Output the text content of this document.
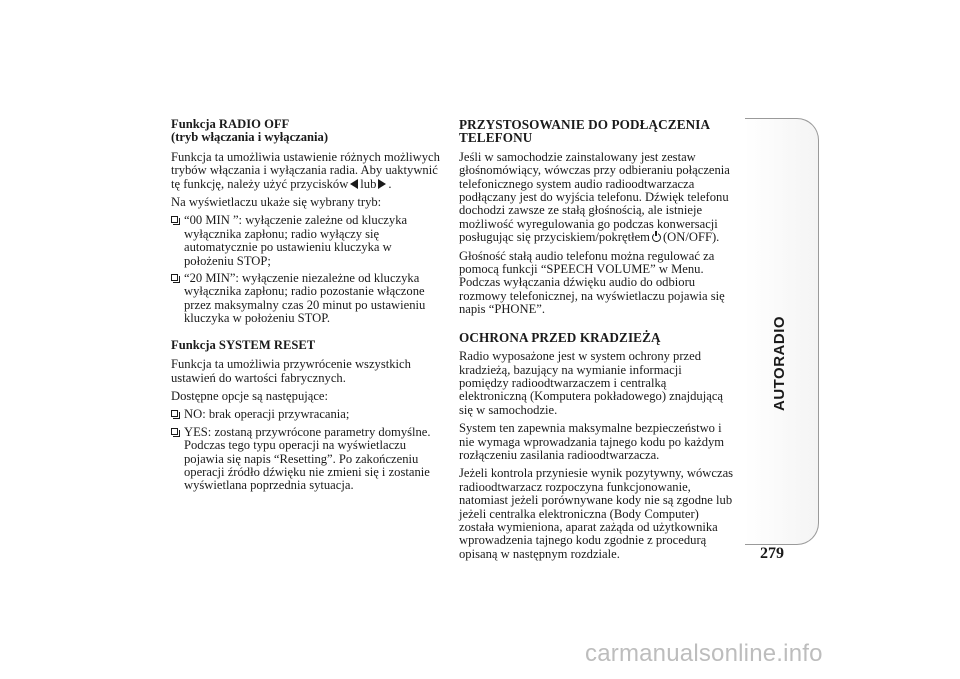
Funkcja RADIO OFF

(tryb włączania i wyłączania)

Funkcja ta umożliwia ustawienie różnych możliwych trybów włączania i wyłączania radia. Aby uaktywnić tę funkcję, należy użyć przycisków lub .

Na wyświetlaczu ukaże się wybrany tryb:

“00 MIN ”: wyłączenie zależne od kluczyka wyłącznika zapłonu; radio wyłączy się automatycznie po ustawieniu kluczyka w położeniu STOP;
“20 MIN”: wyłączenie niezależne od kluczyka wyłącznika zapłonu; radio pozostanie włączone przez maksymalny czas 20 minut po ustawieniu kluczyka w położeniu STOP.

Funkcja SYSTEM RESET

Funkcja ta umożliwia przywrócenie wszystkich ustawień do wartości fabrycznych.

Dostępne opcje są następujące:

NO: brak operacji przywracania;
YES: zostaną przywrócone parametry domyślne. Podczas tego typu operacji na wyświetlaczu pojawia się napis “Resetting”. Po zakończeniu operacji źródło dźwięku nie zmieni się i zostanie wyświetlana poprzednia sytuacja.

PRZYSTOSOWANIE DO PODŁĄCZENIA TELEFONU

Jeśli w samochodzie zainstalowany jest zestaw głośnomówiący, wówczas przy odbieraniu połączenia telefonicznego system audio radioodtwarzacza podłączany jest do wyjścia telefonu. Dźwięk telefonu dochodzi zawsze ze stałą głośnością, ale istnieje możliwość wyregulowania go podczas konwersacji posługując się przyciskiem/pokrętłem (ON/OFF).

Głośność stałą audio telefonu można regulować za pomocą funkcji “SPEECH VOLUME” w Menu. Podczas wyłączania dźwięku audio do odbioru rozmowy telefonicznej, na wyświetlaczu pojawia się napis “PHONE”.

OCHRONA PRZED KRADZIEŻĄ

Radio wyposażone jest w system ochrony przed kradzieżą, bazujący na wymianie informacji pomiędzy radioodtwarzaczem i centralką elektroniczną (Komputera pokładowego) znajdującą się w samochodzie.

System ten zapewnia maksymalne bezpieczeństwo i nie wymaga wprowadzania tajnego kodu po każdym rozłączeniu zasilania radioodtwarzacza.

Jeżeli kontrola przyniesie wynik pozytywny, wówczas radioodtwarzacz rozpoczyna funkcjonowanie, natomiast jeżeli porównywane kody nie są zgodne lub jeżeli centralka elektroniczna (Body Computer) została wymieniona, aparat zażąda od użytkownika wprowadzenia tajnego kodu zgodnie z procedurą opisaną w następnym rozdziale.

AUTORADIO
279
carmanualsonline.info
